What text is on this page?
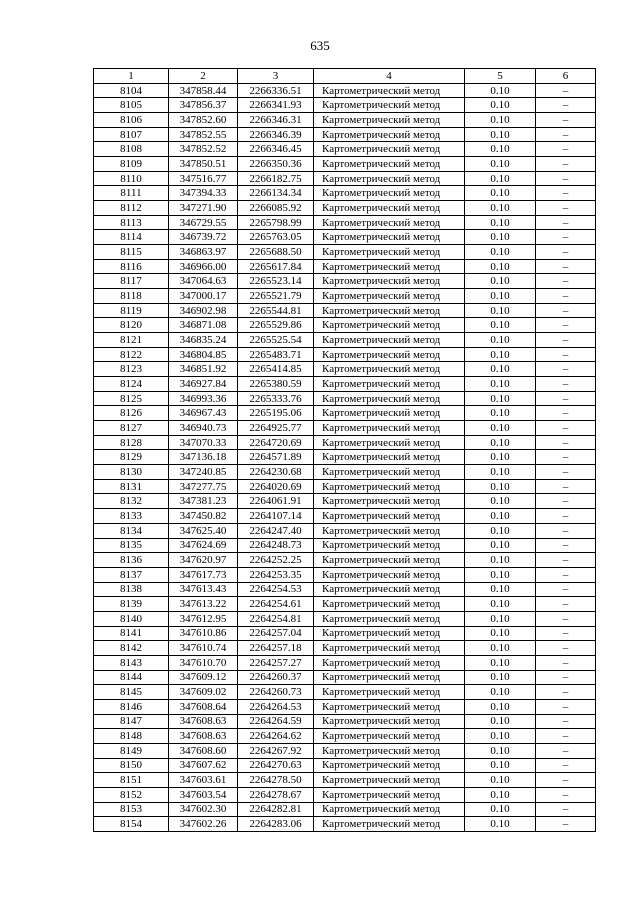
635
1	2	3	4	5	6
8104	347858.44	2266336.51	Картометрический метод	0.10	–
8105	347856.37	2266341.93	Картометрический метод	0.10	–
8106	347852.60	2266346.31	Картометрический метод	0.10	–
8107	347852.55	2266346.39	Картометрический метод	0.10	–
8108	347852.52	2266346.45	Картометрический метод	0.10	–
8109	347850.51	2266350.36	Картометрический метод	0.10	–
8110	347516.77	2266182.75	Картометрический метод	0.10	–
8111	347394.33	2266134.34	Картометрический метод	0.10	–
8112	347271.90	2266085.92	Картометрический метод	0.10	–
8113	346729.55	2265798.99	Картометрический метод	0.10	–
8114	346739.72	2265763.05	Картометрический метод	0.10	–
8115	346863.97	2265688.50	Картометрический метод	0.10	–
8116	346966.00	2265617.84	Картометрический метод	0.10	–
8117	347064.63	2265523.14	Картометрический метод	0.10	–
8118	347000.17	2265521.79	Картометрический метод	0.10	–
8119	346902.98	2265544.81	Картометрический метод	0.10	–
8120	346871.08	2265529.86	Картометрический метод	0.10	–
8121	346835.24	2265525.54	Картометрический метод	0.10	–
8122	346804.85	2265483.71	Картометрический метод	0.10	–
8123	346851.92	2265414.85	Картометрический метод	0.10	–
8124	346927.84	2265380.59	Картометрический метод	0.10	–
8125	346993.36	2265333.76	Картометрический метод	0.10	–
8126	346967.43	2265195.06	Картометрический метод	0.10	–
8127	346940.73	2264925.77	Картометрический метод	0.10	–
8128	347070.33	2264720.69	Картометрический метод	0.10	–
8129	347136.18	2264571.89	Картометрический метод	0.10	–
8130	347240.85	2264230.68	Картометрический метод	0.10	–
8131	347277.75	2264020.69	Картометрический метод	0.10	–
8132	347381.23	2264061.91	Картометрический метод	0.10	–
8133	347450.82	2264107.14	Картометрический метод	0.10	–
8134	347625.40	2264247.40	Картометрический метод	0.10	–
8135	347624.69	2264248.73	Картометрический метод	0.10	–
8136	347620.97	2264252.25	Картометрический метод	0.10	–
8137	347617.73	2264253.35	Картометрический метод	0.10	–
8138	347613.43	2264254.53	Картометрический метод	0.10	–
8139	347613.22	2264254.61	Картометрический метод	0.10	–
8140	347612.95	2264254.81	Картометрический метод	0.10	–
8141	347610.86	2264257.04	Картометрический метод	0.10	–
8142	347610.74	2264257.18	Картометрический метод	0.10	–
8143	347610.70	2264257.27	Картометрический метод	0.10	–
8144	347609.12	2264260.37	Картометрический метод	0.10	–
8145	347609.02	2264260.73	Картометрический метод	0.10	–
8146	347608.64	2264264.53	Картометрический метод	0.10	–
8147	347608.63	2264264.59	Картометрический метод	0.10	–
8148	347608.63	2264264.62	Картометрический метод	0.10	–
8149	347608.60	2264267.92	Картометрический метод	0.10	–
8150	347607.62	2264270.63	Картометрический метод	0.10	–
8151	347603.61	2264278.50	Картометрический метод	0.10	–
8152	347603.54	2264278.67	Картометрический метод	0.10	–
8153	347602.30	2264282.81	Картометрический метод	0.10	–
8154	347602.26	2264283.06	Картометрический метод	0.10	–
